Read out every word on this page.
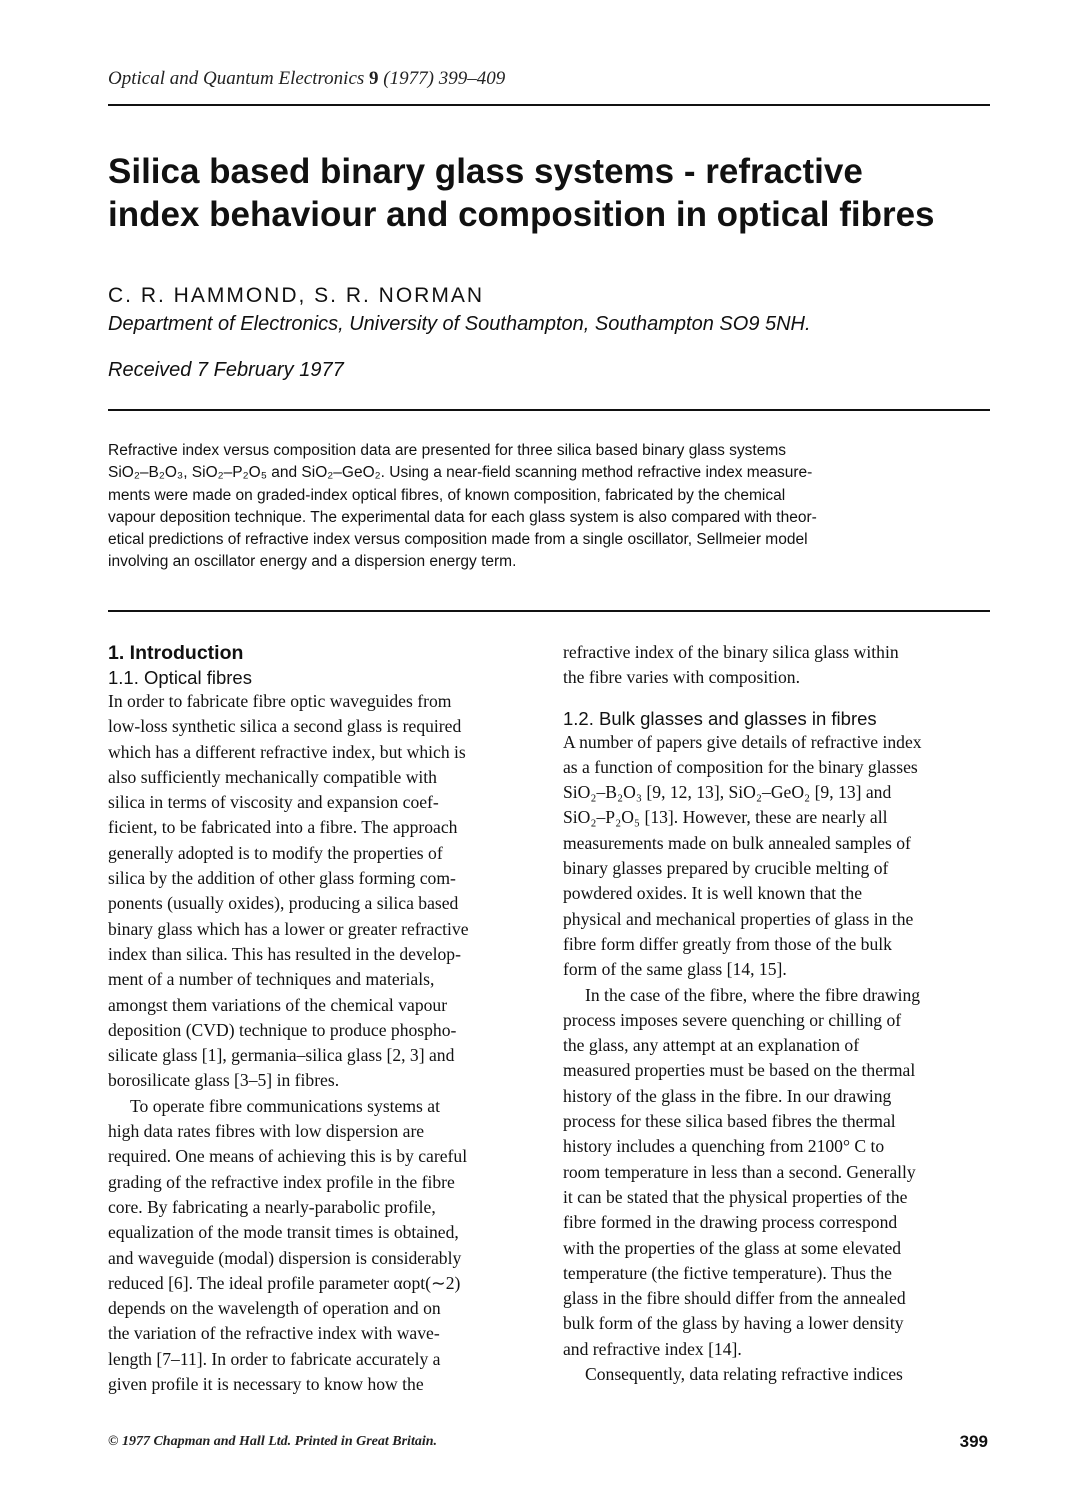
Optical and Quantum Electronics 9 (1977) 399–409
Silica based binary glass systems - refractive
index behaviour and composition in optical fibres
C. R. HAMMOND, S. R. NORMAN
Department of Electronics, University of Southampton, Southampton SO9 5NH.
Received 7 February 1977
Refractive index versus composition data are presented for three silica based binary glass systems
SiO₂–B₂O₃, SiO₂–P₂O₅ and SiO₂–GeO₂. Using a near-field scanning method refractive index measure-
ments were made on graded-index optical fibres, of known composition, fabricated by the chemical
vapour deposition technique. The experimental data for each glass system is also compared with theor-
etical predictions of refractive index versus composition made from a single oscillator, Sellmeier model
involving an oscillator energy and a dispersion energy term.
1. Introduction
1.1. Optical fibres
In order to fabricate fibre optic waveguides from
low-loss synthetic silica a second glass is required
which has a different refractive index, but which is
also sufficiently mechanically compatible with
silica in terms of viscosity and expansion coef-
ficient, to be fabricated into a fibre. The approach
generally adopted is to modify the properties of
silica by the addition of other glass forming com-
ponents (usually oxides), producing a silica based
binary glass which has a lower or greater refractive
index than silica. This has resulted in the develop-
ment of a number of techniques and materials,
amongst them variations of the chemical vapour
deposition (CVD) technique to produce phospho-
silicate glass [1], germania–silica glass [2, 3] and
borosilicate glass [3–5] in fibres.
To operate fibre communications systems at
high data rates fibres with low dispersion are
required. One means of achieving this is by careful
grading of the refractive index profile in the fibre
core. By fabricating a nearly-parabolic profile,
equalization of the mode transit times is obtained,
and waveguide (modal) dispersion is considerably
reduced [6]. The ideal profile parameter αopt(∼2)
depends on the wavelength of operation and on
the variation of the refractive index with wave-
length [7–11]. In order to fabricate accurately a
given profile it is necessary to know how the
refractive index of the binary silica glass within
the fibre varies with composition.
1.2. Bulk glasses and glasses in fibres
A number of papers give details of refractive index
as a function of composition for the binary glasses
SiO₂–B₂O₃ [9, 12, 13], SiO₂–GeO₂ [9, 13] and
SiO₂–P₂O₅ [13]. However, these are nearly all
measurements made on bulk annealed samples of
binary glasses prepared by crucible melting of
powdered oxides. It is well known that the
physical and mechanical properties of glass in the
fibre form differ greatly from those of the bulk
form of the same glass [14, 15].
In the case of the fibre, where the fibre drawing
process imposes severe quenching or chilling of
the glass, any attempt at an explanation of
measured properties must be based on the thermal
history of the glass in the fibre. In our drawing
process for these silica based fibres the thermal
history includes a quenching from 2100° C to
room temperature in less than a second. Generally
it can be stated that the physical properties of the
fibre formed in the drawing process correspond
with the properties of the glass at some elevated
temperature (the fictive temperature). Thus the
glass in the fibre should differ from the annealed
bulk form of the glass by having a lower density
and refractive index [14].
Consequently, data relating refractive indices
© 1977 Chapman and Hall Ltd. Printed in Great Britain.	399
